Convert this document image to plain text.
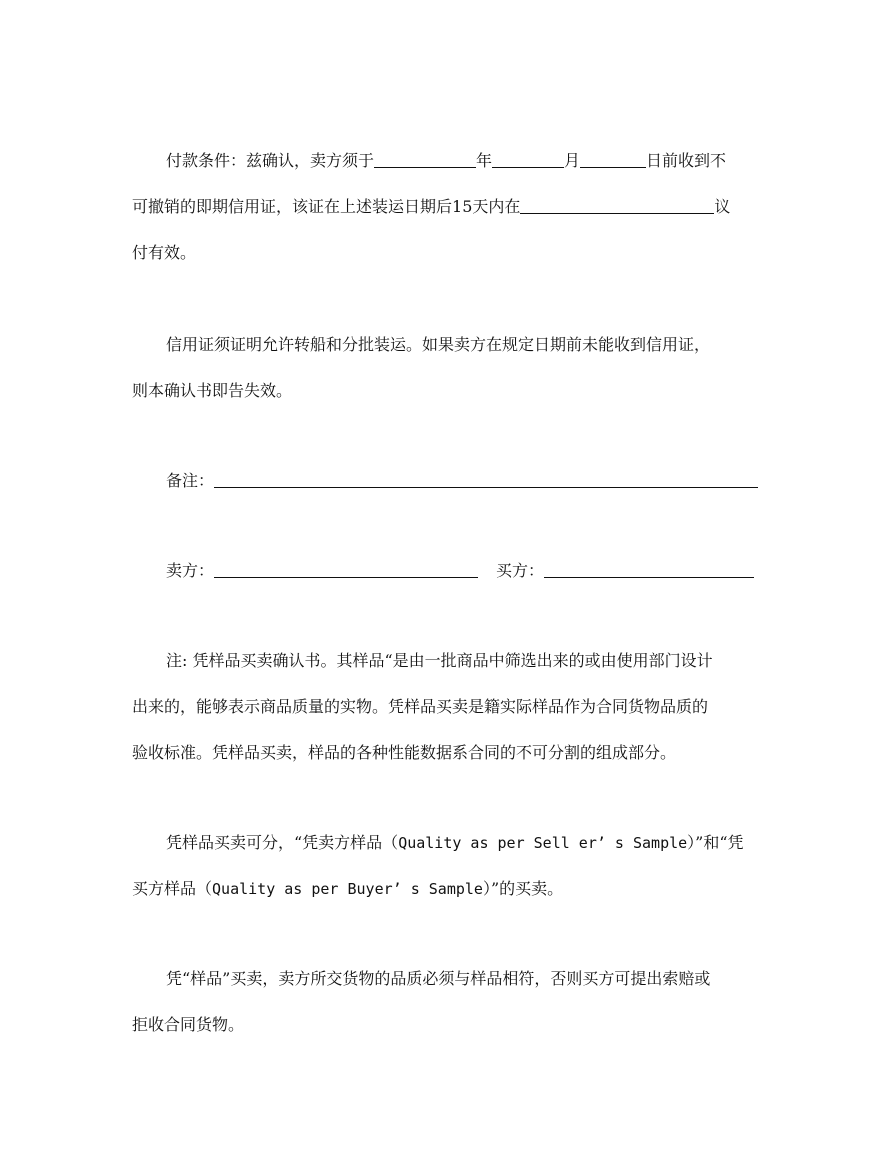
付款条件：兹确认，卖方须于	年	月	日前收到不
可撤销的即期信用证，该证在上述装运日期后15天内在	议
付有效。
信用证须证明允许转船和分批装运。如果卖方在规定日期前未能收到信用证，
则本确认书即告失效。
备注：
卖方：	买方：
注: 凭样品买卖确认书。其样品“是由一批商品中筛选出来的或由使用部门设计
出来的，能够表示商品质量的实物。凭样品买卖是籍实际样品作为合同货物品质的
验收标准。凭样品买卖，样品的各种性能数据系合同的不可分割的组成部分。
凭样品买卖可分，“凭卖方样品（Quality as per Sell er’ s Sample）”和“凭
买方样品（Quality as per Buyer’ s Sample）”的买卖。
凭“样品”买卖，卖方所交货物的品质必须与样品相符，否则买方可提出索赔或
拒收合同货物。
